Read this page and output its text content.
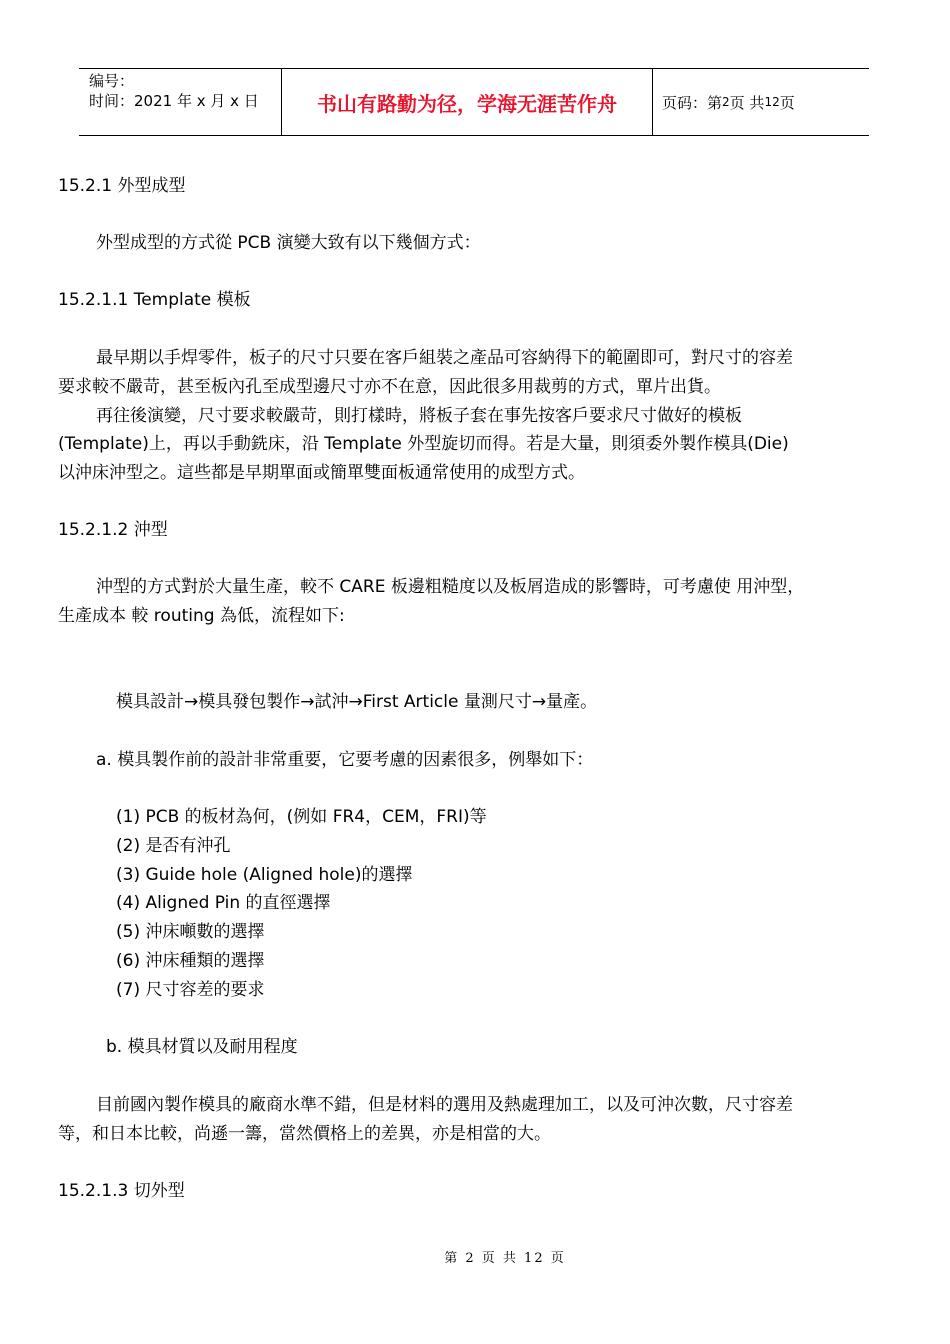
编号：
时间：2021 年 x 月 x 日	书山有路勤为径，学海无涯苦作舟	页码：第 2 页 共 12 页
15.2.1 外型成型
外型成型的方式從 PCB 演變大致有以下幾個方式：
15.2.1.1 Template 模板
最早期以手焊零件，板子的尺寸只要在客戶組裝之產品可容納得下的範圍即可，對尺寸的容差
要求較不嚴苛，甚至板內孔至成型邊尺寸亦不在意，因此很多用裁剪的方式，單片出貨。
再往後演變，尺寸要求較嚴苛，則打樣時，將板子套在事先按客戶要求尺寸做好的模板
(Template)上，再以手動銑床，沿 Template 外型旋切而得。若是大量，則須委外製作模具(Die)
以沖床沖型之。這些都是早期單面或簡單雙面板通常使用的成型方式。
15.2.1.2 沖型
沖型的方式對於大量生產，較不 CARE 板邊粗糙度以及板屑造成的影響時，可考慮使 用沖型，
生產成本 較 routing 為低，流程如下:
模具設計→模具發包製作→試沖→First Article 量測尺寸→量產。
a. 模具製作前的設計非常重要，它要考慮的因素很多，例舉如下：
(1) PCB 的板材為何，(例如 FR4，CEM，FRI)等
(2) 是否有沖孔
(3) Guide hole (Aligned hole)的選擇
(4) Aligned Pin 的直徑選擇
(5) 沖床噸數的選擇
(6) 沖床種類的選擇
(7) 尺寸容差的要求
b. 模具材質以及耐用程度
目前國內製作模具的廠商水準不錯，但是材料的選用及熱處理加工，以及可沖次數，尺寸容差
等，和日本比較，尚遜一籌，當然價格上的差異，亦是相當的大。
15.2.1.3 切外型
第 2 页 共 12 页
